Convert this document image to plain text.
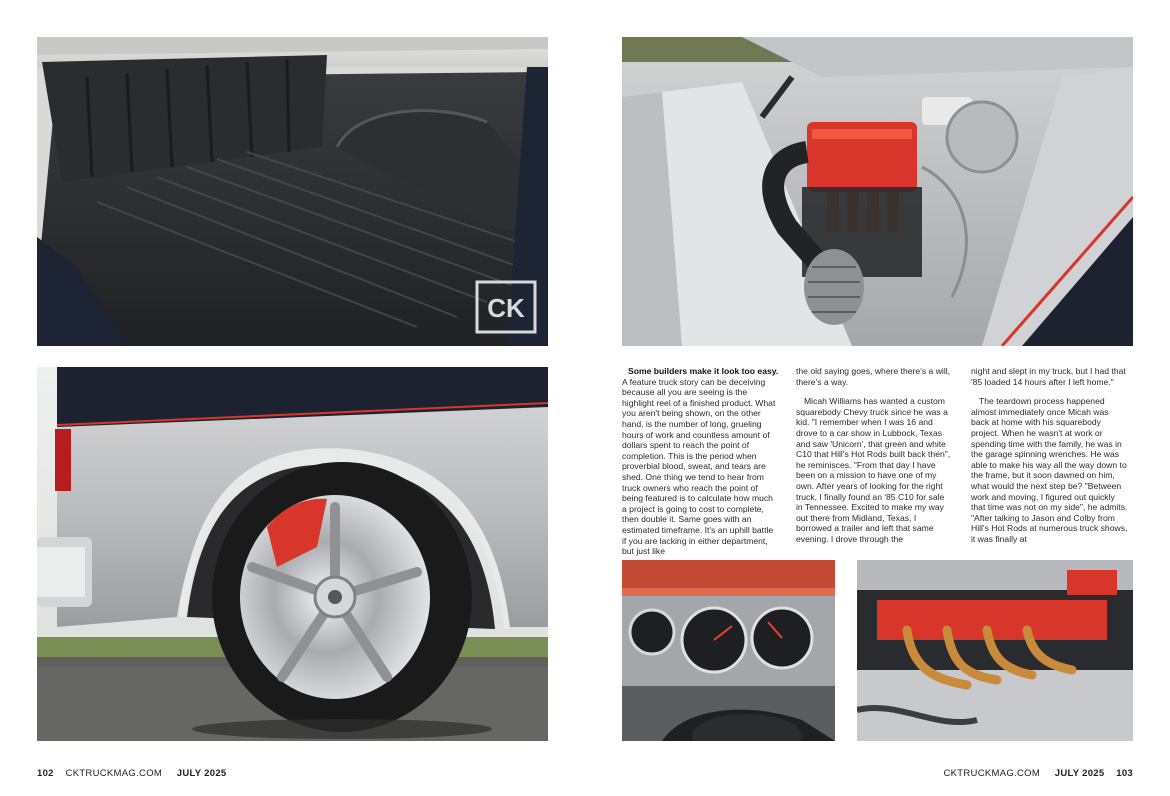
CK

Some builders make it look too easy.
A feature truck story can be deceiving because all you are seeing is the highlight reel of a finished product. What you aren't being shown, on the other hand, is the number of long, grueling hours of work and countless amount of dollars spent to reach the point of completion. This is the period when proverbial blood, sweat, and tears are shed. One thing we tend to hear from truck owners who reach the point of being featured is to calculate how much a project is going to cost to complete, then double it. Same goes with an estimated timeframe. It's an uphill battle if you are lacking in either department, but just like

the old saying goes, where there's a will, there's a way.

Micah Williams has wanted a custom squarebody Chevy truck since he was a kid. "I remember when I was 16 and drove to a car show in Lubbock, Texas and saw 'Unicorn', that green and white C10 that Hill's Hot Rods built back then", he reminisces. "From that day I have been on a mission to have one of my own. After years of looking for the right truck, I finally found an '85 C10 for sale in Tennessee. Excited to make my way out there from Midland, Texas, I borrowed a trailer and left that same evening. I drove through the

night and slept in my truck, but I had that '85 loaded 14 hours after I left home."

The teardown process happened almost immediately once Micah was back at home with his squarebody project. When he wasn't at work or spending time with the family, he was in the garage spinning wrenches. He was able to make his way all the way down to the frame, but it soon dawned on him, what would the next step be? "Between work and moving, I figured out quickly that time was not on my side", he admits. "After talking to Jason and Colby from Hill's Hot Rods at numerous truck shows, it was finally at

102 CKTRUCKMAG.COM JULY 2025	CKTRUCKMAG.COM JULY 2025 103
